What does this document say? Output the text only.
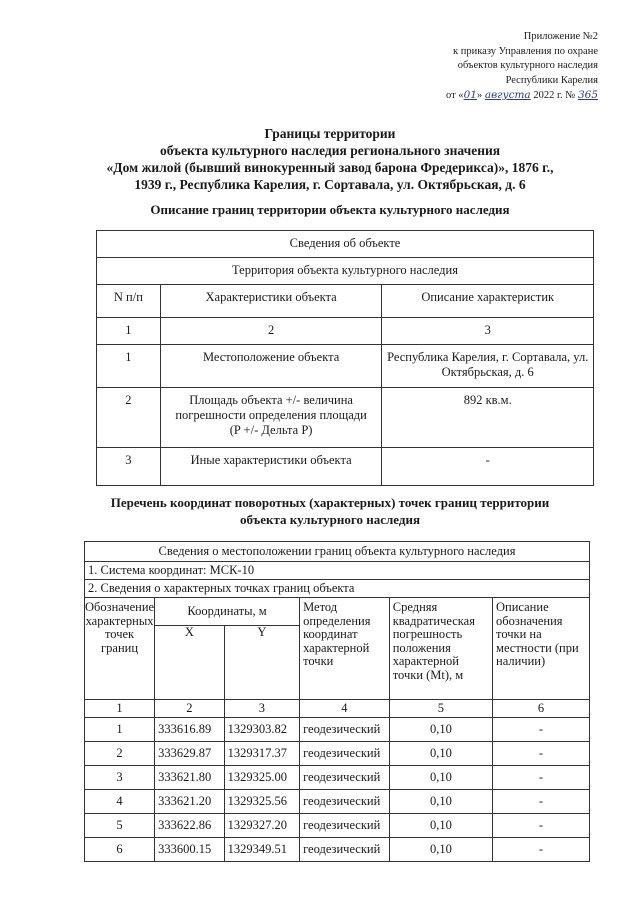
Приложение №2
к приказу Управления по охране
объектов культурного наследия
Республики Карелия
от «01» августа 2022 г. № 365
Границы территории
объекта культурного наследия регионального значения
«Дом жилой (бывший винокуренный завод барона Фредерикса)», 1876 г.,
1939 г., Республика Карелия, г. Сортавала, ул. Октябрьская, д. 6
Описание границ территории объекта культурного наследия
Сведения об объекте		
Территория объекта культурного наследия		
N п/п	Характеристики объекта	Описание характеристик
1	2	3
1	Местоположение объекта	Республика Карелия, г. Сортавала, ул. Октябрьская, д. 6
2	Площадь объекта +/- величина погрешности определения площади (P +/- Дельта P)	892 кв.м.
3	Иные характеристики объекта	-
Перечень координат поворотных (характерных) точек границ территории
объекта культурного наследия
Сведения о местоположении границ объекта культурного наследия					
1. Система координат: МСК-10					
2. Сведения о характерных точках границ объекта					
Обозначение характерных точек границ	Координаты, м		Метод определения координат характерной точки	Средняя квадратическая погрешность положения характерной точки (Mt), м	Описание обозначения точки на местности (при наличии)
	X	Y			
1	2	3	4	5	6
1	333616.89	1329303.82	геодезический	0,10	-
2	333629.87	1329317.37	геодезический	0,10	-
3	333621.80	1329325.00	геодезический	0,10	-
4	333621.20	1329325.56	геодезический	0,10	-
5	333622.86	1329327.20	геодезический	0,10	-
6	333600.15	1329349.51	геодезический	0,10	-
